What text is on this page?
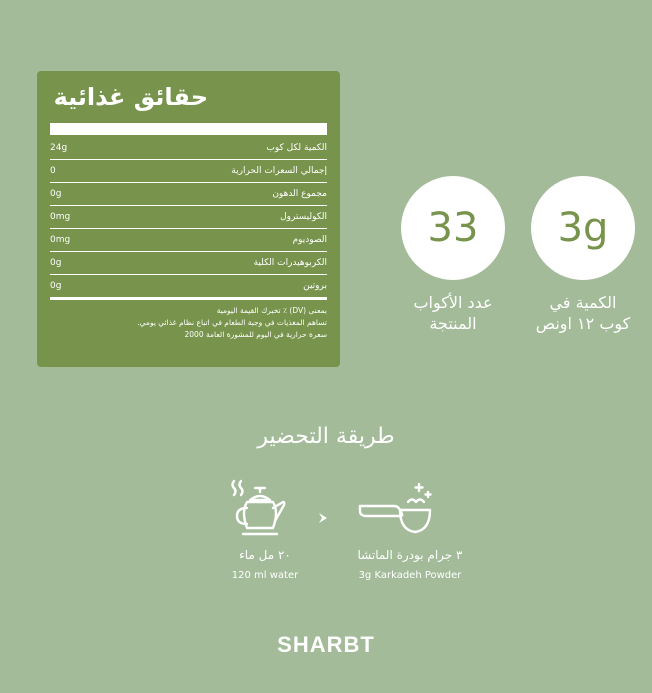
حقائق غذائية
الكمية لكل كوب
24g
إجمالي السعرات الحرارية
0
مجموع الدهون
0g
الكوليسترول
0mg
الصوديوم
0mg
الكربوهيدرات الكلية
0g
بروتين
0g
بمعنى (DV) ٪ تخبرك القيمة اليومية
تساهم المغذيات في وجبة الطعام في اتباع نظام غذائي يومي.
سعرة حرارية في اليوم للمشورة العامة 2000
33
عدد الأكواب
المنتجة
3g
الكمية في
كوب ١٢ اونص
طريقة التحضير
٢٠ مل ماء
120 ml water
٣ جرام بودرة الماتشا
3g Karkadeh Powder
SHARBT
